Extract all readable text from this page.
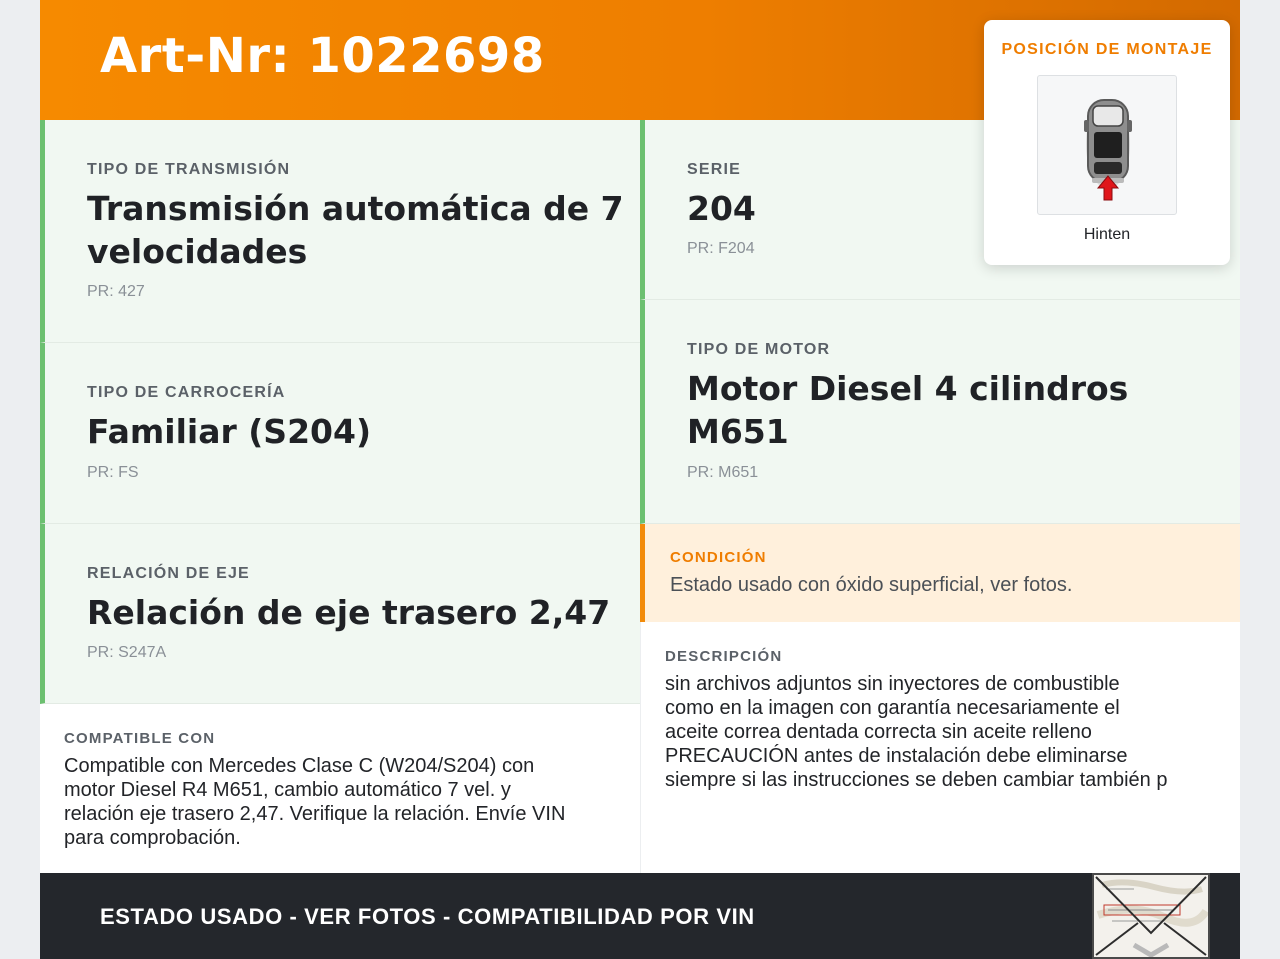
Art-Nr: 1022698
TIPO DE TRANSMISIÓN
Transmisión automática de 7
velocidades
PR: 427
TIPO DE CARROCERÍA
Familiar (S204)
PR: FS
RELACIÓN DE EJE
Relación de eje trasero 2,47
PR: S247A
SERIE
204
PR: F204
TIPO DE MOTOR
Motor Diesel 4 cilindros
M651
PR: M651
CONDICIÓN
Estado usado con óxido superficial, ver fotos.
DESCRIPCIÓN
sin archivos adjuntos sin inyectores de combustible
como en la imagen con garantía necesariamente el
aceite correa dentada correcta sin aceite relleno
PRECAUCIÓN antes de instalación debe eliminarse
siempre si las instrucciones se deben cambiar también p
COMPATIBLE CON
Compatible con Mercedes Clase C (W204/S204) con
motor Diesel R4 M651, cambio automático 7 vel. y
relación eje trasero 2,47. Verifique la relación. Envíe VIN
para comprobación.
ESTADO USADO - VER FOTOS - COMPATIBILIDAD POR VIN
POSICIÓN DE MONTAJE
Hinten
